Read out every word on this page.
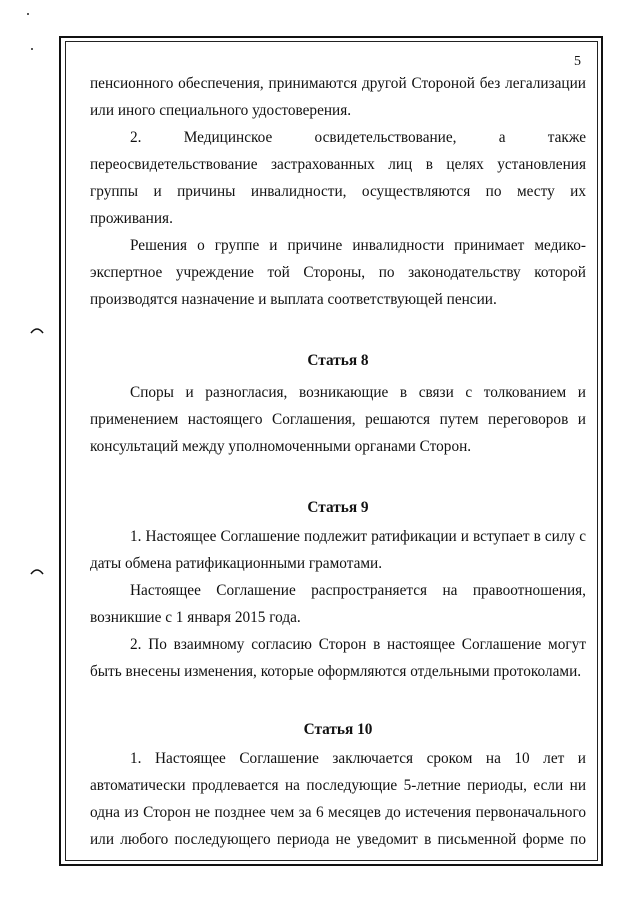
5

пенсионного обеспечения, принимаются другой Стороной без легализации

или иного специального удостоверения.

2. Медицинское освидетельствование, а также переосвидетельствование застрахованных лиц в целях установления группы и причины инвалидности, осуществляются по месту их проживания.

Решения о группе и причине инвалидности принимает медико-экспертное учреждение той Стороны, по законодательству которой производятся назначение и выплата соответствующей пенсии.

Статья 8

Споры и разногласия, возникающие в связи с толкованием и применением настоящего Соглашения, решаются путем переговоров и консультаций между уполномоченными органами Сторон.

Статья 9

1. Настоящее Соглашение подлежит ратификации и вступает в силу с даты обмена ратификационными грамотами.

Настоящее Соглашение распространяется на правоотношения, возникшие с 1 января 2015 года.

2. По взаимному согласию Сторон в настоящее Соглашение могут быть внесены изменения, которые оформляются отдельными протоколами.

Статья 10

1. Настоящее Соглашение заключается сроком на 10 лет и автоматически продлевается на последующие 5-летние периоды, если ни одна из Сторон не позднее чем за 6 месяцев до истечения первоначального или любого последующего периода не уведомит в письменной форме по
